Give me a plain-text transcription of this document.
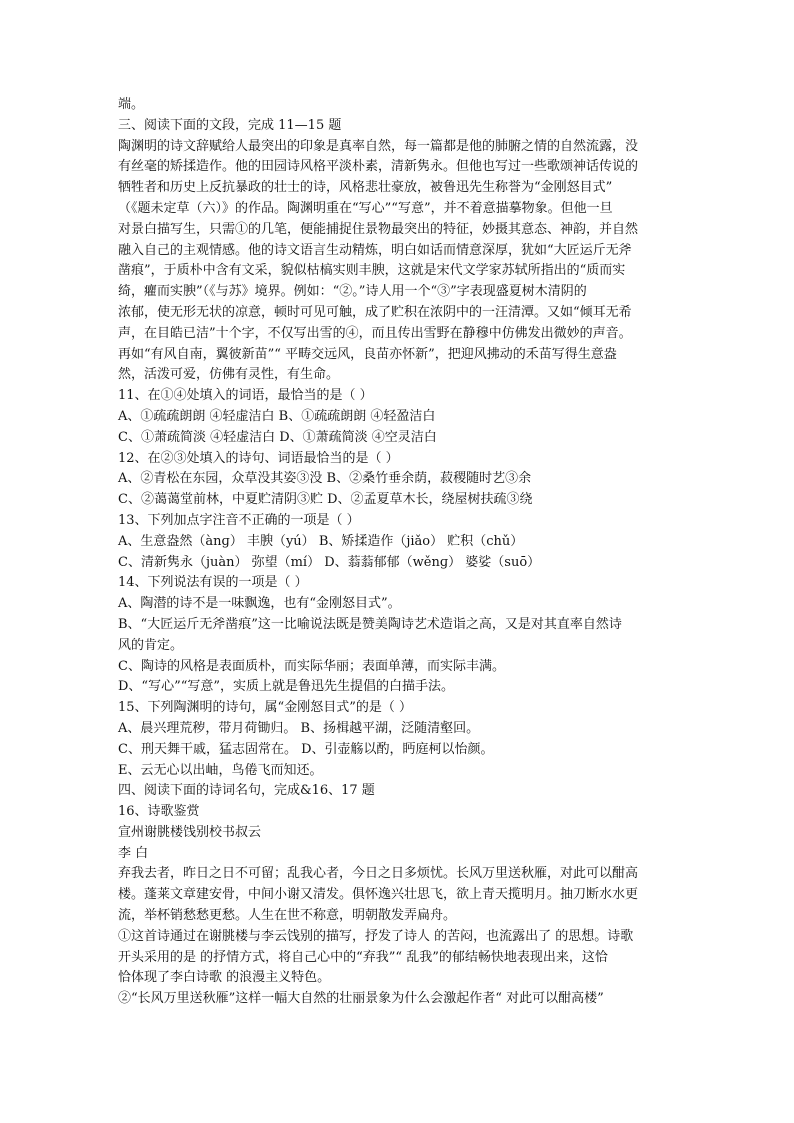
端。
三、阅读下面的文段，完成 11—15 题
陶渊明的诗文辞赋给人最突出的印象是真率自然，每一篇都是他的肺腑之情的自然流露，没
有丝毫的矫揉造作。他的田园诗风格平淡朴素，清新隽永。但他也写过一些歌颂神话传说的
牺牲者和历史上反抗暴政的壮士的诗，风格悲壮豪放，被鲁迅先生称誉为“金刚怒目式”
（《题未定草（六）》的作品。陶渊明重在“写心”“写意”，并不着意描摹物象。但他一旦
对景白描写生，只需①的几笔，便能捕捉住景物最突出的特征，妙摄其意态、神韵，并自然
融入自己的主观情感。他的诗文语言生动精炼，明白如话而情意深厚，犹如“大匠运斤无斧
凿痕”，于质朴中含有文采，貌似枯槁实则丰腴，这就是宋代文学家苏轼所指出的“质而实
绮，癯而实腴”（《与苏》境界。例如：“②。”诗人用一个“③”字表现盛夏树木清阴的
浓郁，使无形无状的凉意，顿时可见可触，成了贮积在浓阴中的一汪清潭。又如“倾耳无希
声，在目皓已洁”十个字，不仅写出雪的④，而且传出雪野在静穆中仿佛发出微妙的声音。
再如“有风自南，翼彼新苗”“ 平畴交远风，良苗亦怀新”，把迎风拂动的禾苗写得生意盎
然，活泼可爱，仿佛有灵性，有生命。
11、在①④处填入的词语，最恰当的是（ ）
A、①疏疏朗朗 ④轻虚洁白 B、①疏疏朗朗 ④轻盈洁白
C、①萧疏简淡 ④轻虚洁白 D、①萧疏简淡 ④空灵洁白
12、在②③处填入的诗句、词语最恰当的是（ ）
A、②青松在东园，众草没其姿③没 B、②桑竹垂余荫，菽稷随时艺③余
C、②蔼蔼堂前林，中夏贮清阴③贮 D、②孟夏草木长，绕屋树扶疏③绕
13、下列加点字注音不正确的一项是（ ）
A、生意盎然（ànɡ） 丰腴（yú） B、矫揉造作（jiǎo） 贮积（chǔ）
C、清新隽永（juàn） 弥望（mí） D、蓊蓊郁郁（wěnɡ） 婆娑（suō）
14、下列说法有误的一项是（ ）
A、陶潜的诗不是一味飘逸，也有“金刚怒目式”。
B、“大匠运斤无斧凿痕”这一比喻说法既是赞美陶诗艺术造诣之高，又是对其直率自然诗
风的肯定。
C、陶诗的风格是表面质朴，而实际华丽；表面单薄，而实际丰满。
D、“写心”“写意”，实质上就是鲁迅先生提倡的白描手法。
15、下列陶渊明的诗句，属“金刚怒目式”的是（ ）
A、晨兴理荒秽，带月荷锄归。 B、扬楫越平湖，泛随清壑回。
C、刑天舞干戚，猛志固常在。 D、引壶觞以酌，眄庭柯以怡颜。
E、云无心以出岫，鸟倦飞而知还。
四、阅读下面的诗词名句，完成&16、17 题
16、诗歌鉴赏
宣州谢朓楼饯别校书叔云
李 白
弃我去者，昨日之日不可留；乱我心者，今日之日多烦忧。长风万里送秋雁，对此可以酣高
楼。蓬莱文章建安骨，中间小谢又清发。俱怀逸兴壮思飞，欲上青天揽明月。抽刀断水水更
流，举杯销愁愁更愁。人生在世不称意，明朝散发弄扁舟。
①这首诗通过在谢朓楼与李云饯别的描写，抒发了诗人 的苦闷，也流露出了 的思想。诗歌
开头采用的是 的抒情方式，将自己心中的“弃我”“ 乱我”的郁结畅快地表现出来，这恰
恰体现了李白诗歌 的浪漫主义特色。
②“长风万里送秋雁”这样一幅大自然的壮丽景象为什么会激起作者“ 对此可以酣高楼”
